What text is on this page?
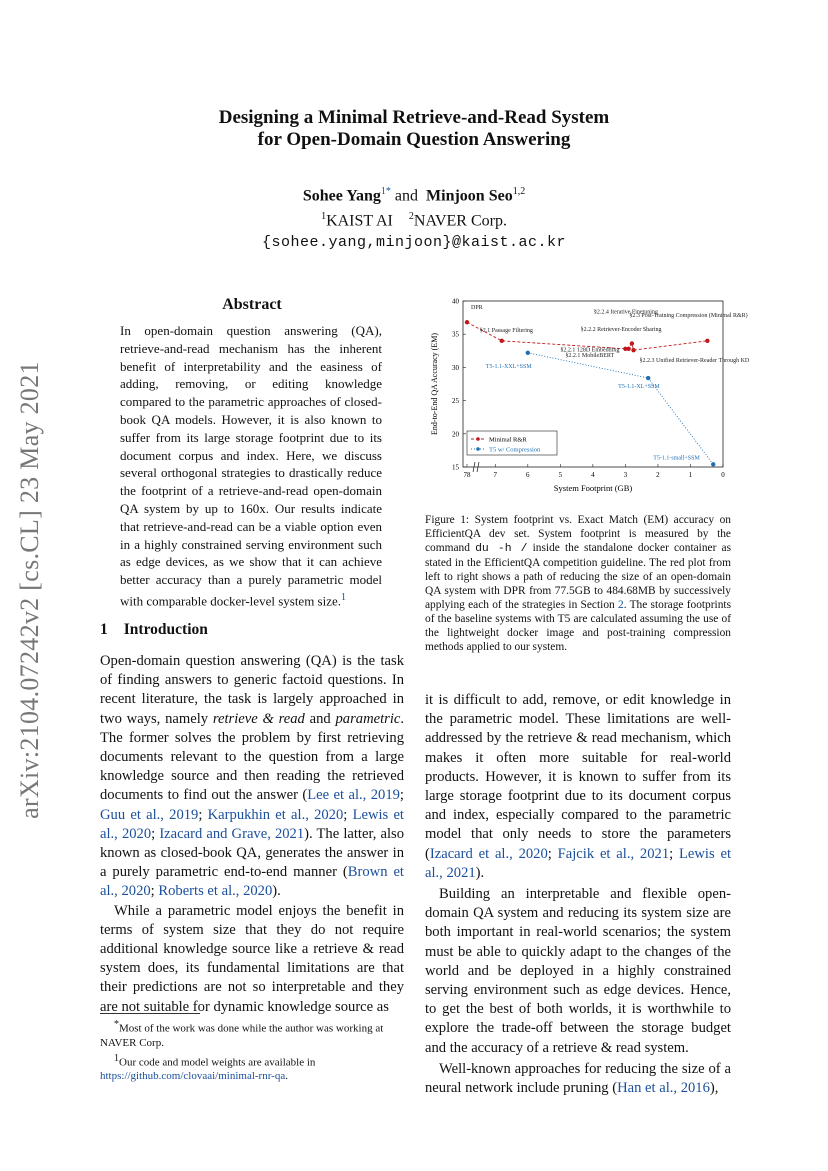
arXiv:2104.07242v2 [cs.CL] 23 May 2021
Designing a Minimal Retrieve-and-Read System
for Open-Domain Question Answering
Sohee Yang$^{1*}$ and Minjoon Seo$^{1,2}$
$^1$KAIST AI $^2$NAVER Corp.
{sohee.yang,minjoon}@kaist.ac.kr
Abstract
In open-domain question answering (QA), retrieve-and-read mechanism has the inherent benefit of interpretability and the easiness of adding, removing, or editing knowledge compared to the parametric approaches of closed-book QA models. However, it is also known to suffer from its large storage footprint due to its document corpus and index. Here, we discuss several orthogonal strategies to drastically reduce the footprint of a retrieve-and-read open-domain QA system by up to 160x. Our results indicate that retrieve-and-read can be a viable option even in a highly constrained serving environment such as edge devices, as we show that it can achieve better accuracy than a purely parametric model with comparable docker-level system size.$^1$
1 Introduction

Open-domain question answering (QA) is the task of finding answers to generic factoid questions. In recent literature, the task is largely approached in two ways, namely retrieve & read and parametric. The former solves the problem by first retrieving documents relevant to the question from a large knowledge source and then reading the retrieved documents to find out the answer (Lee et al., 2019; Guu et al., 2019; Karpukhin et al., 2020; Lewis et al., 2020; Izacard and Grave, 2021). The latter, also known as closed-book QA, generates the answer in a purely parametric end-to-end manner (Brown et al., 2020; Roberts et al., 2020).

While a parametric model enjoys the benefit in terms of system size that they do not require additional knowledge source like a retrieve & read system does, its fundamental limitations are that their predictions are not so interpretable and they are not suitable for dynamic knowledge source as

*Most of the work was done while the author was working at NAVER Corp.

$^1$Our code and model weights are available in https://github.com/clovaai/minimal-rnr-qa.

15
20
25
30
35
40
78	7	6	5	4	3	2	1	0
DPR
§2.1 Passage Filtering
§2.2.1 MobileBERT
§2.2.2 Retriever-Encoder Sharing
§2.2.4 Iterative Finetuning
§2.2.3 Unified Retriever-Reader Through KD
§2.3 Post-Training Compression (Minimal R&R)
T5-1.1-XXL+SSM
T5-1.1-XL+SSM
T5-1.1-small+SSM
§2.2.1 128D Embedding
End-to-End QA Accuracy (EM)
System Footprint (GB)
Minimal R&R
T5 w/ Compression
Figure 1: System footprint vs. Exact Match (EM) accuracy on EfficientQA dev set. System footprint is measured by the command du -h / inside the standalone docker container as stated in the EfficientQA competition guideline. The red plot from left to right shows a path of reducing the size of an open-domain QA system with DPR from 77.5GB to 484.68MB by successively applying each of the strategies in Section 2. The storage footprints of the baseline systems with T5 are calculated assuming the use of the lightweight docker image and post-training compression methods applied to our system.

it is difficult to add, remove, or edit knowledge in the parametric model. These limitations are well-addressed by the retrieve & read mechanism, which makes it often more suitable for real-world products. However, it is known to suffer from its large storage footprint due to its document corpus and index, especially compared to the parametric model that only needs to store the parameters (Izacard et al., 2020; Fajcik et al., 2021; Lewis et al., 2021).

Building an interpretable and flexible open-domain QA system and reducing its system size are both important in real-world scenarios; the system must be able to quickly adapt to the changes of the world and be deployed in a highly constrained serving environment such as edge devices. Hence, to get the best of both worlds, it is worthwhile to explore the trade-off between the storage budget and the accuracy of a retrieve & read system.

Well-known approaches for reducing the size of a neural network include pruning (Han et al., 2016),
